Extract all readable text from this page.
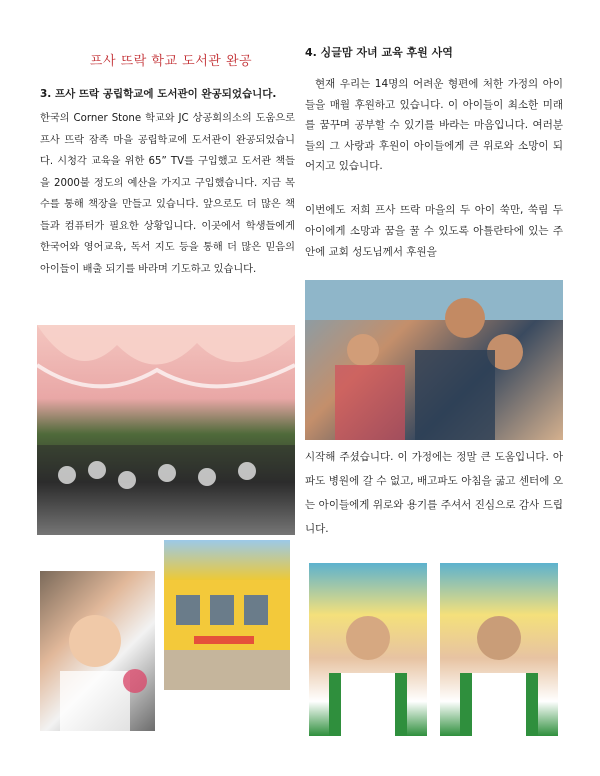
프사 뜨락 학교 도서관 완공
3. 프사 뜨락 공립학교에 도서관이 완공되었습니다.
한국의 Corner Stone 학교와 JC 상공회의소의 도움으로 프사 뜨락 잠족 마을 공립학교에 도서관이 완공되었습니다. 시청각 교육을 위한 65” TV를 구입했고 도서관 책들을 2000불 정도의 예산을 가지고 구입했습니다. 지금 목수를 통해 책장을 만들고 있습니다. 앞으로도 더 많은 책들과 컴퓨터가 필요한 상황입니다. 이곳에서 학생들에게 한국어와 영어교육, 독서 지도 등을 통해 더 많은 믿음의 아이들이 배출 되기를 바라며 기도하고 있습니다.
4. 싱글맘 자녀 교육 후원 사역
현재 우리는 14명의 어려운 형편에 처한 가정의 아이들을 매월 후원하고 있습니다. 이 아이들이 최소한 미래를 꿈꾸며 공부할 수 있기를 바라는 마음입니다. 여러분들의 그 사랑과 후원이 아이들에게 큰 위로와 소망이 되어지고 있습니다.
이번에도 저희 프사 뜨락 마을의 두 아이 쑥만, 쑥림 두 아이에게 소망과 꿈을 꿀 수 있도록 아틀란타에 있는 주안에 교회 성도님께서 후원을
시작해 주셨습니다. 이 가정에는 정말 큰 도움입니다. 아파도 병원에 갈 수 없고, 배고파도 아침을 굶고 센터에 오는 아이들에게 위로와 용기를 주셔서 진심으로 감사 드립니다.
